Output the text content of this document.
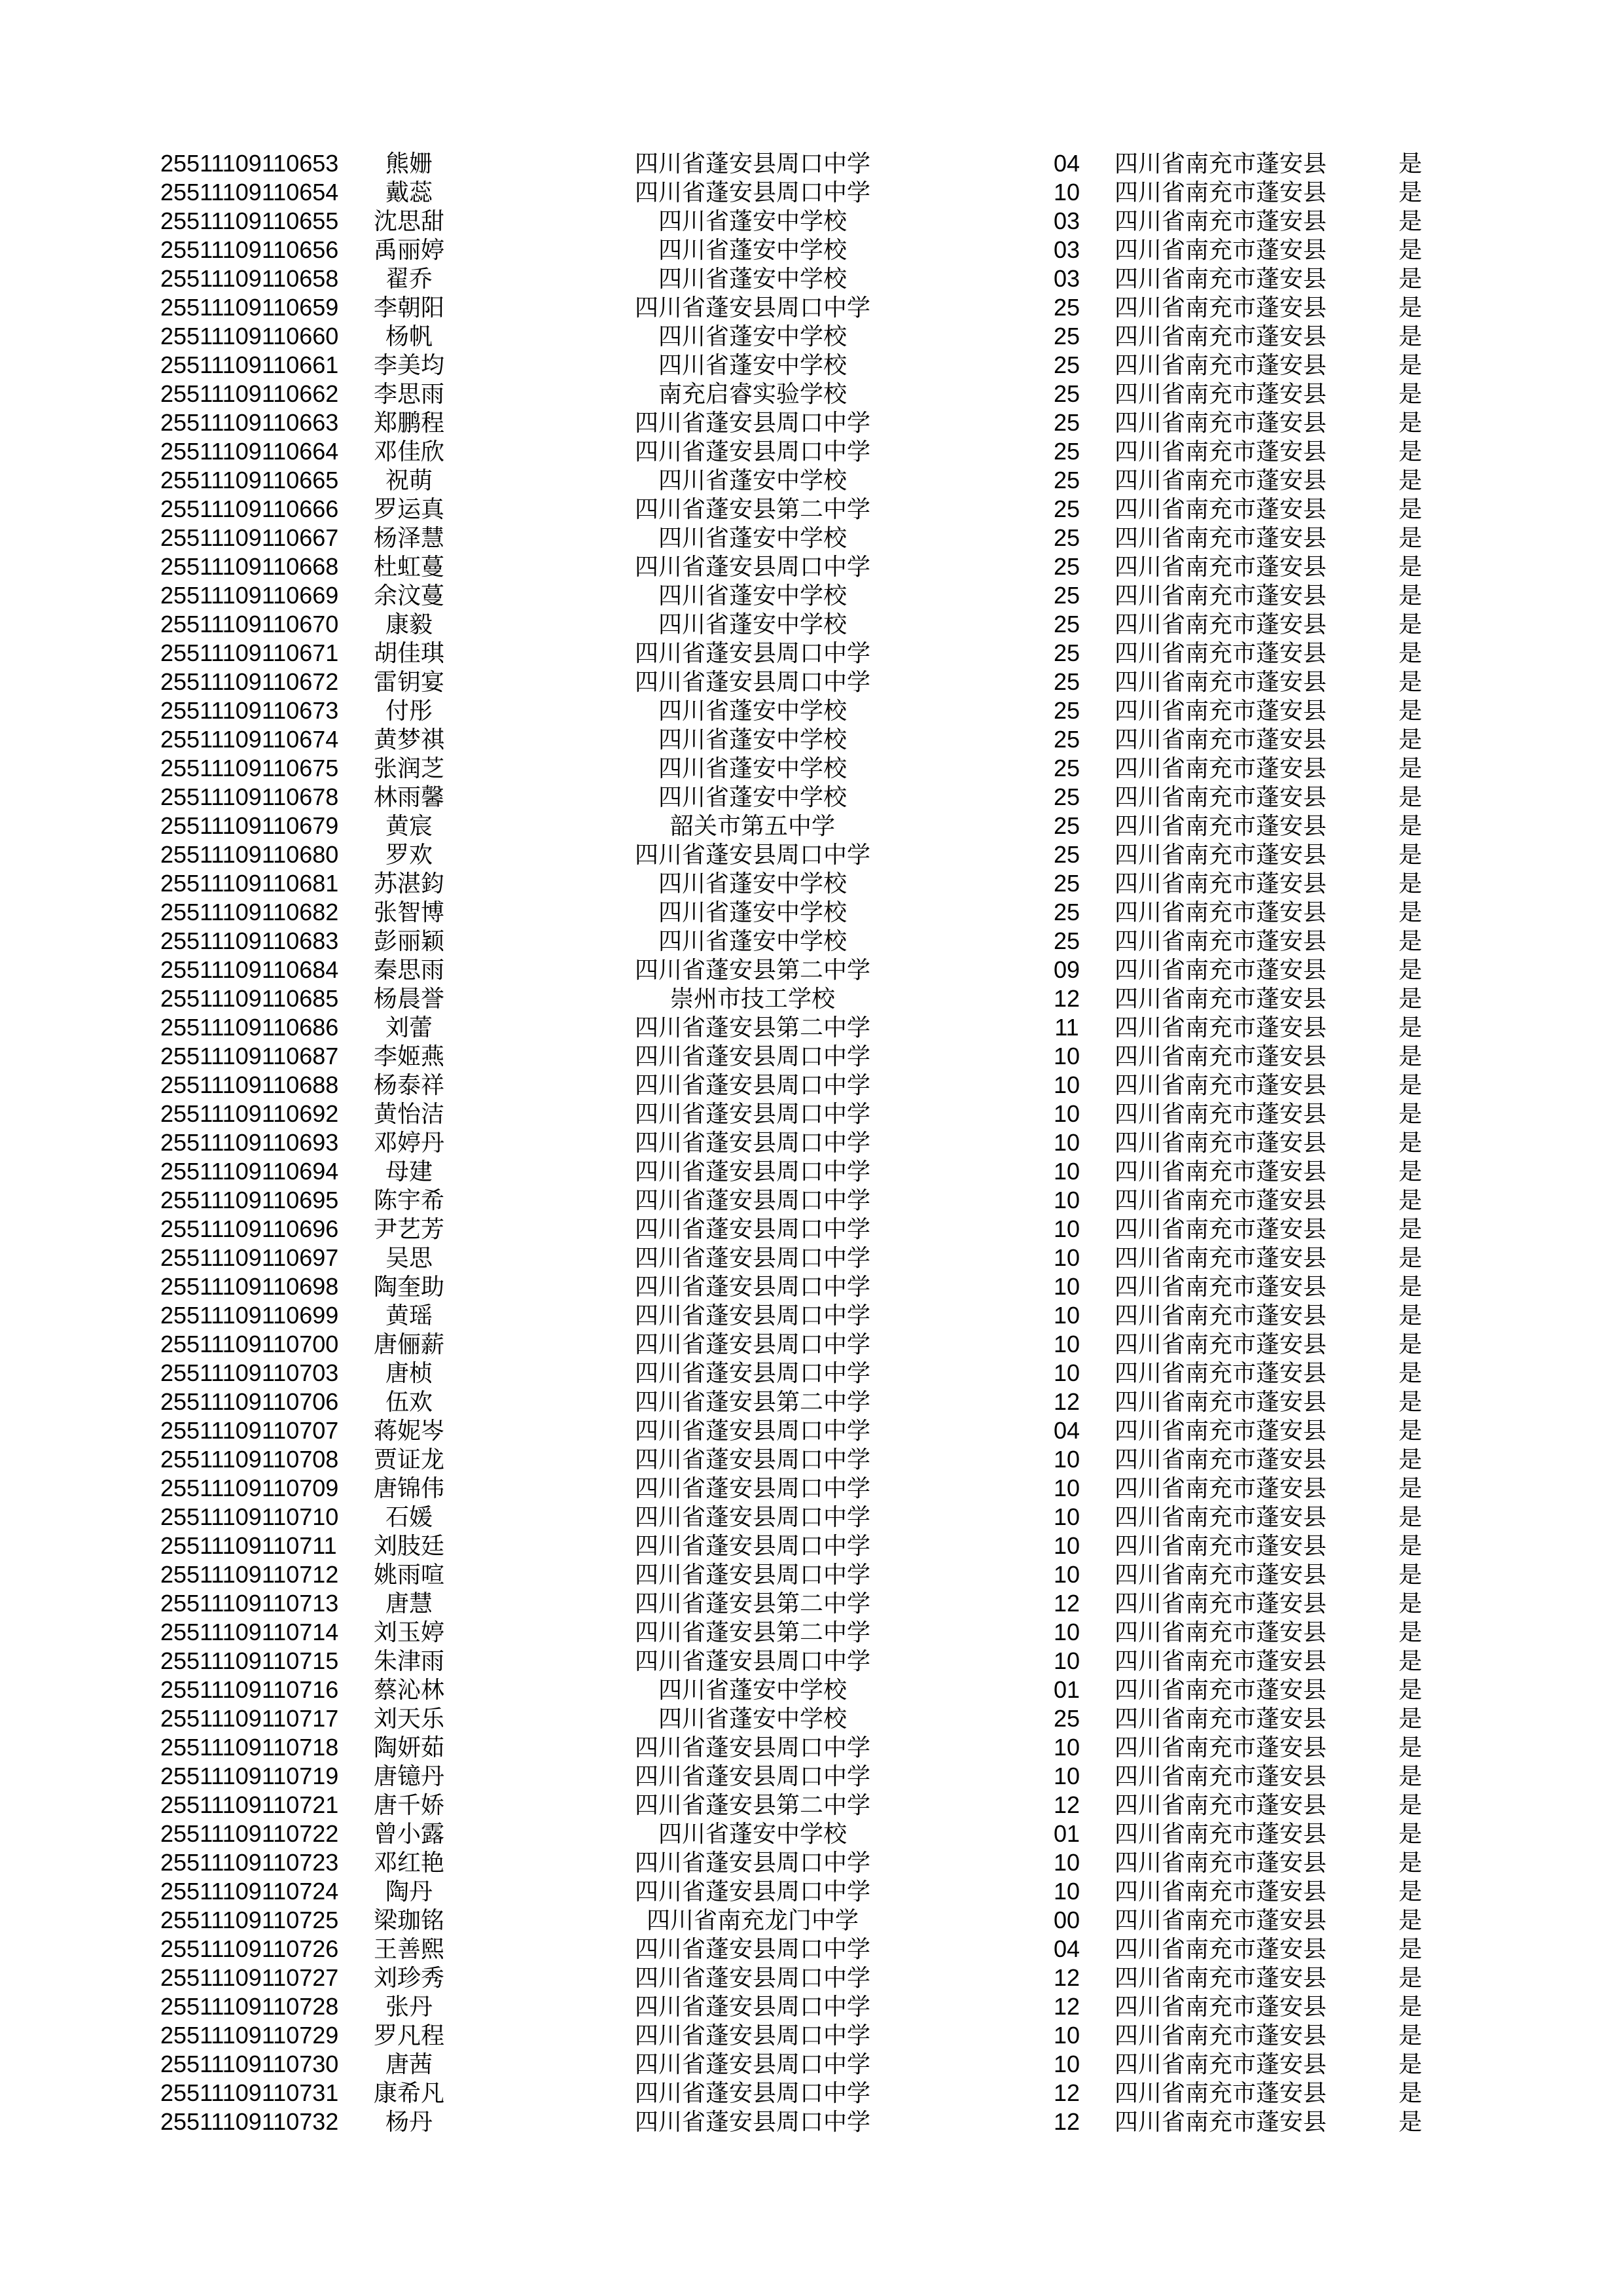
25511109110653	熊姗	四川省蓬安县周口中学	04	四川省南充市蓬安县	是
25511109110654	戴蕊	四川省蓬安县周口中学	10	四川省南充市蓬安县	是
25511109110655	沈思甜	四川省蓬安中学校	03	四川省南充市蓬安县	是
25511109110656	禹丽婷	四川省蓬安中学校	03	四川省南充市蓬安县	是
25511109110658	翟乔	四川省蓬安中学校	03	四川省南充市蓬安县	是
25511109110659	李朝阳	四川省蓬安县周口中学	25	四川省南充市蓬安县	是
25511109110660	杨帆	四川省蓬安中学校	25	四川省南充市蓬安县	是
25511109110661	李美均	四川省蓬安中学校	25	四川省南充市蓬安县	是
25511109110662	李思雨	南充启睿实验学校	25	四川省南充市蓬安县	是
25511109110663	郑鹏程	四川省蓬安县周口中学	25	四川省南充市蓬安县	是
25511109110664	邓佳欣	四川省蓬安县周口中学	25	四川省南充市蓬安县	是
25511109110665	祝萌	四川省蓬安中学校	25	四川省南充市蓬安县	是
25511109110666	罗运真	四川省蓬安县第二中学	25	四川省南充市蓬安县	是
25511109110667	杨泽慧	四川省蓬安中学校	25	四川省南充市蓬安县	是
25511109110668	杜虹蔓	四川省蓬安县周口中学	25	四川省南充市蓬安县	是
25511109110669	余汶蔓	四川省蓬安中学校	25	四川省南充市蓬安县	是
25511109110670	康毅	四川省蓬安中学校	25	四川省南充市蓬安县	是
25511109110671	胡佳琪	四川省蓬安县周口中学	25	四川省南充市蓬安县	是
25511109110672	雷钥宴	四川省蓬安县周口中学	25	四川省南充市蓬安县	是
25511109110673	付彤	四川省蓬安中学校	25	四川省南充市蓬安县	是
25511109110674	黄梦祺	四川省蓬安中学校	25	四川省南充市蓬安县	是
25511109110675	张润芝	四川省蓬安中学校	25	四川省南充市蓬安县	是
25511109110678	林雨馨	四川省蓬安中学校	25	四川省南充市蓬安县	是
25511109110679	黄宸	韶关市第五中学	25	四川省南充市蓬安县	是
25511109110680	罗欢	四川省蓬安县周口中学	25	四川省南充市蓬安县	是
25511109110681	苏湛鈞	四川省蓬安中学校	25	四川省南充市蓬安县	是
25511109110682	张智博	四川省蓬安中学校	25	四川省南充市蓬安县	是
25511109110683	彭丽颖	四川省蓬安中学校	25	四川省南充市蓬安县	是
25511109110684	秦思雨	四川省蓬安县第二中学	09	四川省南充市蓬安县	是
25511109110685	杨晨誉	崇州市技工学校	12	四川省南充市蓬安县	是
25511109110686	刘蕾	四川省蓬安县第二中学	11	四川省南充市蓬安县	是
25511109110687	李姬燕	四川省蓬安县周口中学	10	四川省南充市蓬安县	是
25511109110688	杨泰祥	四川省蓬安县周口中学	10	四川省南充市蓬安县	是
25511109110692	黄怡洁	四川省蓬安县周口中学	10	四川省南充市蓬安县	是
25511109110693	邓婷丹	四川省蓬安县周口中学	10	四川省南充市蓬安县	是
25511109110694	母建	四川省蓬安县周口中学	10	四川省南充市蓬安县	是
25511109110695	陈宇希	四川省蓬安县周口中学	10	四川省南充市蓬安县	是
25511109110696	尹艺芳	四川省蓬安县周口中学	10	四川省南充市蓬安县	是
25511109110697	吴思	四川省蓬安县周口中学	10	四川省南充市蓬安县	是
25511109110698	陶奎助	四川省蓬安县周口中学	10	四川省南充市蓬安县	是
25511109110699	黄瑶	四川省蓬安县周口中学	10	四川省南充市蓬安县	是
25511109110700	唐俪薪	四川省蓬安县周口中学	10	四川省南充市蓬安县	是
25511109110703	唐桢	四川省蓬安县周口中学	10	四川省南充市蓬安县	是
25511109110706	伍欢	四川省蓬安县第二中学	12	四川省南充市蓬安县	是
25511109110707	蒋妮岑	四川省蓬安县周口中学	04	四川省南充市蓬安县	是
25511109110708	贾证龙	四川省蓬安县周口中学	10	四川省南充市蓬安县	是
25511109110709	唐锦伟	四川省蓬安县周口中学	10	四川省南充市蓬安县	是
25511109110710	石媛	四川省蓬安县周口中学	10	四川省南充市蓬安县	是
25511109110711	刘肢廷	四川省蓬安县周口中学	10	四川省南充市蓬安县	是
25511109110712	姚雨喧	四川省蓬安县周口中学	10	四川省南充市蓬安县	是
25511109110713	唐慧	四川省蓬安县第二中学	12	四川省南充市蓬安县	是
25511109110714	刘玉婷	四川省蓬安县第二中学	10	四川省南充市蓬安县	是
25511109110715	朱津雨	四川省蓬安县周口中学	10	四川省南充市蓬安县	是
25511109110716	蔡沁林	四川省蓬安中学校	01	四川省南充市蓬安县	是
25511109110717	刘天乐	四川省蓬安中学校	25	四川省南充市蓬安县	是
25511109110718	陶妍茹	四川省蓬安县周口中学	10	四川省南充市蓬安县	是
25511109110719	唐镱丹	四川省蓬安县周口中学	10	四川省南充市蓬安县	是
25511109110721	唐千娇	四川省蓬安县第二中学	12	四川省南充市蓬安县	是
25511109110722	曾小露	四川省蓬安中学校	01	四川省南充市蓬安县	是
25511109110723	邓红艳	四川省蓬安县周口中学	10	四川省南充市蓬安县	是
25511109110724	陶丹	四川省蓬安县周口中学	10	四川省南充市蓬安县	是
25511109110725	梁珈铭	四川省南充龙门中学	00	四川省南充市蓬安县	是
25511109110726	王善熙	四川省蓬安县周口中学	04	四川省南充市蓬安县	是
25511109110727	刘珍秀	四川省蓬安县周口中学	12	四川省南充市蓬安县	是
25511109110728	张丹	四川省蓬安县周口中学	12	四川省南充市蓬安县	是
25511109110729	罗凡程	四川省蓬安县周口中学	10	四川省南充市蓬安县	是
25511109110730	唐茜	四川省蓬安县周口中学	10	四川省南充市蓬安县	是
25511109110731	康希凡	四川省蓬安县周口中学	12	四川省南充市蓬安县	是
25511109110732	杨丹	四川省蓬安县周口中学	12	四川省南充市蓬安县	是
